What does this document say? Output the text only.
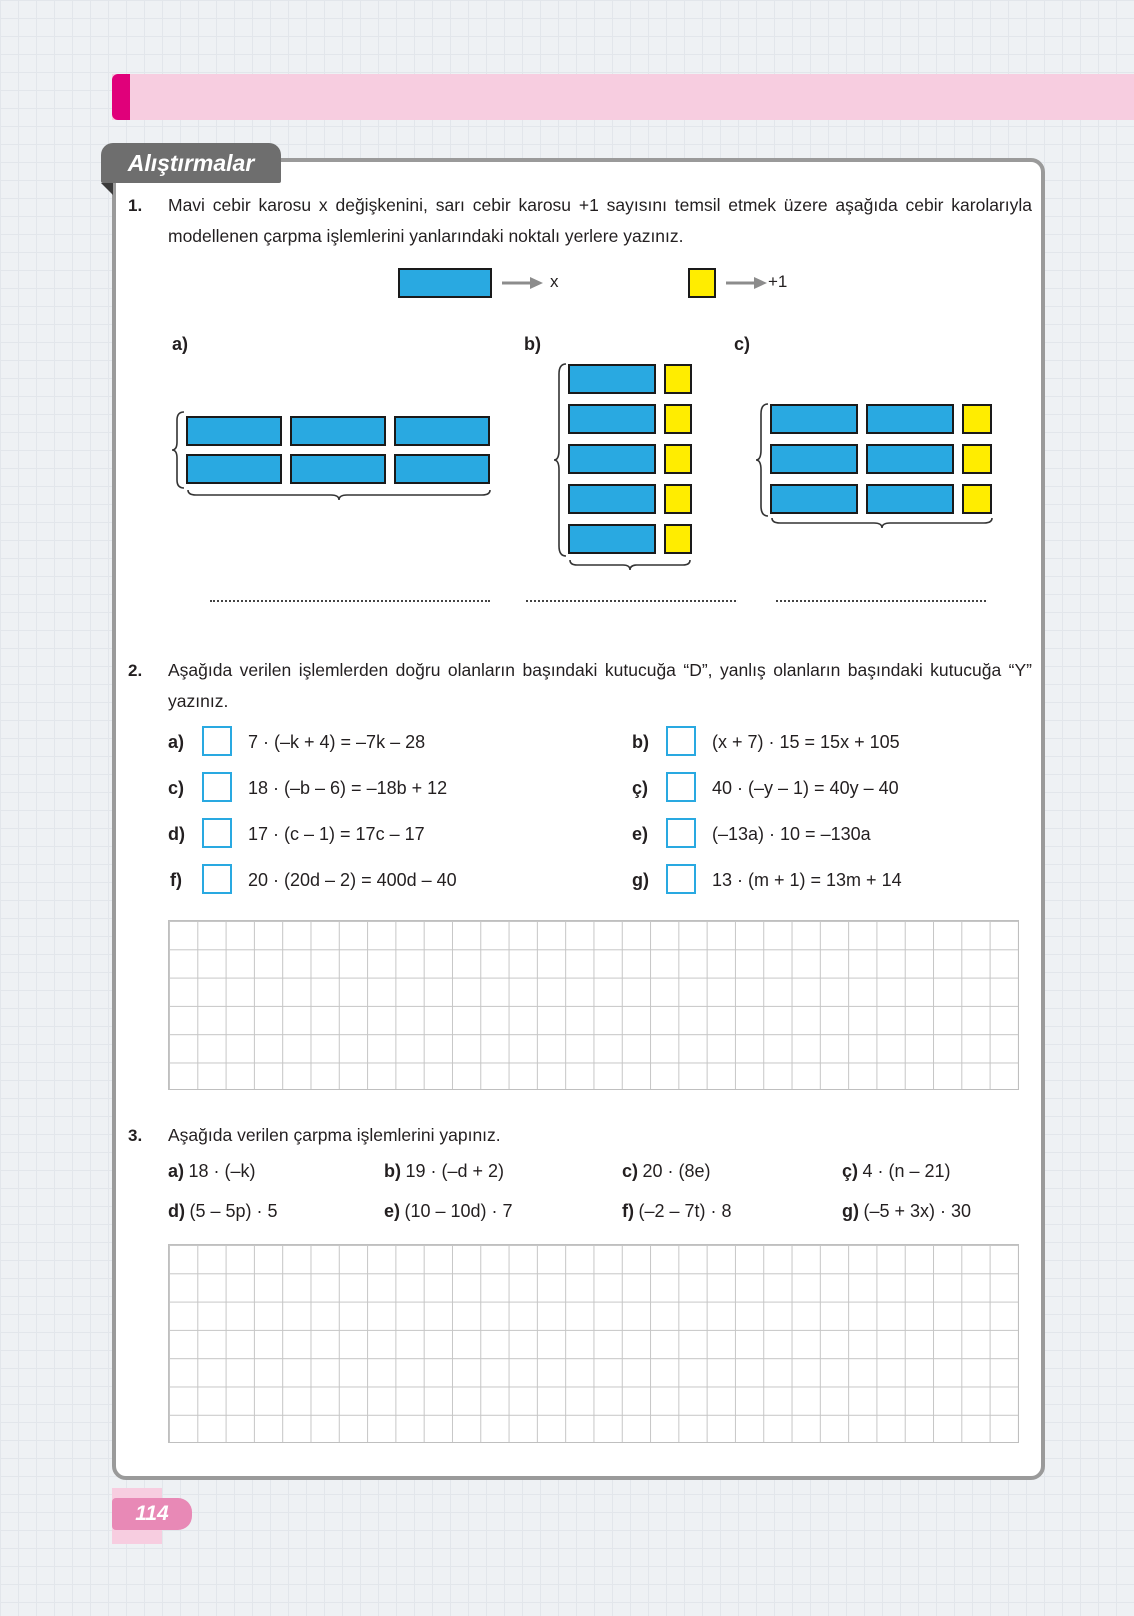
Alıştırmalar
1. Mavi cebir karosu x değişkenini, sarı cebir karosu +1 sayısını temsil etmek üzere aşağıda cebir karolarıyla modellenen çarpma işlemlerini yanlarındaki noktalı yerlere yazınız.
x	+1
a)	b)	c)
2. Aşağıda verilen işlemlerden doğru olanların başındaki kutucuğa “D”, yanlış olanların başındaki kutucuğa “Y” yazınız.
a)	7 · (–k + 4) = –7k – 28	b)	(x + 7) · 15 = 15x + 105
c)	18 · (–b – 6) = –18b + 12	ç)	40 · (–y – 1) = 40y – 40
d)	17 · (c – 1) = 17c – 17	e)	(–13a) · 10 = –130a
f)	20 · (20d – 2) = 400d – 40	g)	13 · (m + 1) = 13m + 14
3. Aşağıda verilen çarpma işlemlerini yapınız.
a) 18 · (–k)	b) 19 · (–d + 2)	c) 20 · (8e)	ç) 4 · (n – 21)
d) (5 – 5p) · 5	e) (10 – 10d) · 7	f) (–2 – 7t) · 8	g) (–5 + 3x) · 30
114
